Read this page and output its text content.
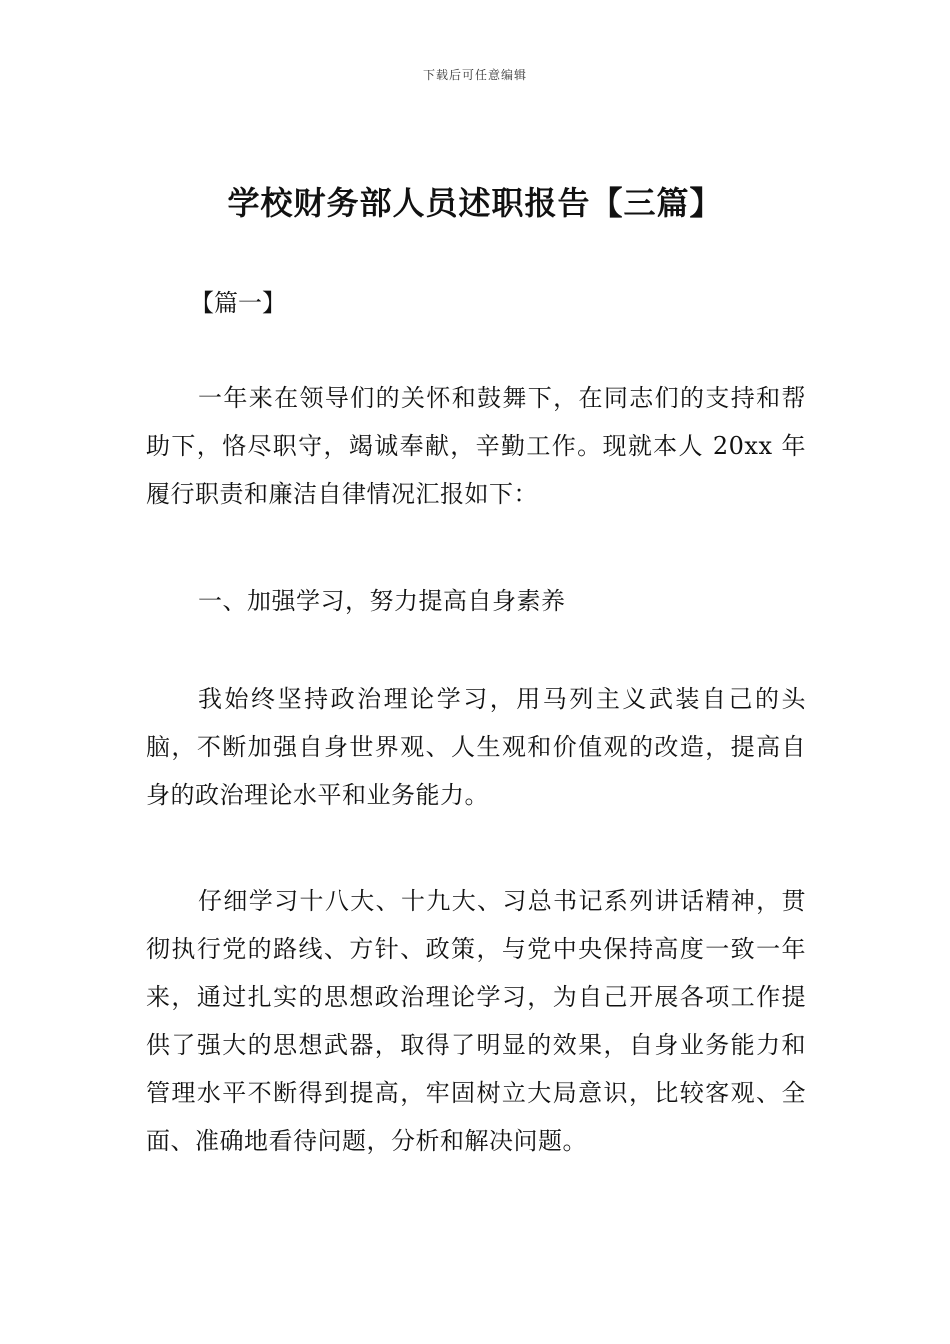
下载后可任意编辑
学校财务部人员述职报告【三篇】
【篇一】

一年来在领导们的关怀和鼓舞下，在同志们的支持和帮助下，恪尽职守，竭诚奉献，辛勤工作。现就本人 20xx 年履行职责和廉洁自律情况汇报如下：

一、加强学习，努力提高自身素养

我始终坚持政治理论学习，用马列主义武装自己的头脑，不断加强自身世界观、人生观和价值观的改造，提高自身的政治理论水平和业务能力。

仔细学习十八大、十九大、习总书记系列讲话精神，贯彻执行党的路线、方针、政策，与党中央保持高度一致一年来，通过扎实的思想政治理论学习，为自己开展各项工作提供了强大的思想武器，取得了明显的效果，自身业务能力和管理水平不断得到提高，牢固树立大局意识，比较客观、全面、准确地看待问题，分析和解决问题。
